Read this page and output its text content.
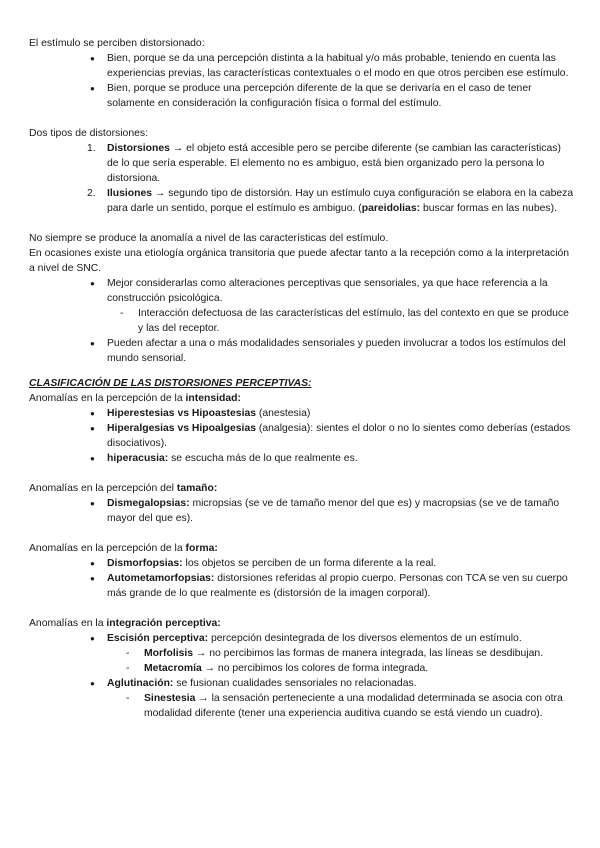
El estímulo se perciben distorsionado:

● Bien, porque se da una percepción distinta a la habitual y/o más probable, teniendo en cuenta las experiencias previas, las características contextuales o el modo en que otros perciben ese estímulo.
● Bien, porque se produce una percepción diferente de la que se derivaría en el caso de tener solamente en consideración la configuración física o formal del estímulo.

Dos tipos de distorsiones:

1. Distorsiones → el objeto está accesible pero se percibe diferente (se cambian las características) de lo que sería esperable. El elemento no es ambiguo, está bien organizado pero la persona lo distorsiona.
2. Ilusiones → segundo tipo de distorsión. Hay un estímulo cuya configuración se elabora en la cabeza para darle un sentido, porque el estímulo es ambiguo. (pareidolias: buscar formas en las nubes).

No siempre se produce la anomalía a nivel de las características del estímulo.

En ocasiones existe una etiología orgánica transitoria que puede afectar tanto a la recepción como a la interpretación a nivel de SNC.

● Mejor considerarlas como alteraciones perceptivas que sensoriales, ya que hace referencia a la construcción psicológica.
- Interacción defectuosa de las características del estímulo, las del contexto en que se produce y las del receptor.
● Pueden afectar a una o más modalidades sensoriales y pueden involucrar a todos los estímulos del mundo sensorial.

CLASIFICACIÓN DE LAS DISTORSIONES PERCEPTIVAS:

Anomalías en la percepción de la intensidad:

● Hiperestesias vs Hipoastesias (anestesia)
● Hiperalgesias vs Hipoalgesias (analgesia): sientes el dolor o no lo sientes como deberías (estados disociativos).
● hiperacusia: se escucha más de lo que realmente es.

Anomalías en la percepción del tamaño:

● Dismegalopsias: micropsias (se ve de tamaño menor del que es) y macropsias (se ve de tamaño mayor del que es).

Anomalías en la percepción de la forma:

● Dismorfopsias: los objetos se perciben de un forma diferente a la real.
● Autometamorfopsias: distorsiones referidas al propio cuerpo. Personas con TCA se ven su cuerpo más grande de lo que realmente es (distorsión de la imagen corporal).

Anomalías en la integración perceptiva:

● Escisión perceptiva: percepción desintegrada de los diversos elementos de un estímulo.
- Morfolisis → no percibimos las formas de manera integrada, las líneas se desdibujan.
- Metacromía → no percibimos los colores de forma integrada.
● Aglutinación: se fusionan cualidades sensoriales no relacionadas.
- Sinestesia → la sensación perteneciente a una modalidad determinada se asocia con otra modalidad diferente (tener una experiencia auditiva cuando se está viendo un cuadro).
